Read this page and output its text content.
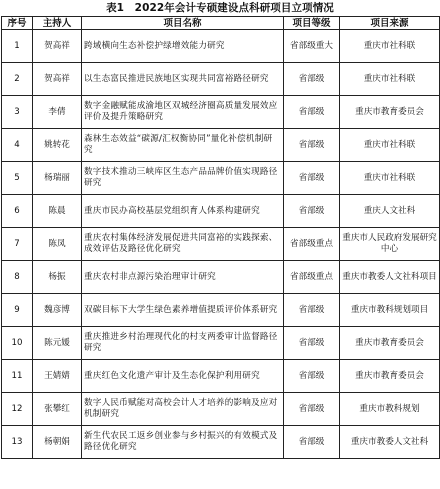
表1　2022年会计专硕建设点科研项目立项情况
序号	主持人	项目名称	项目等级	项目来源
1	贺高祥	跨域横向生态补偿护绿增效能力研究	省部级重大	重庆市社科联
2	贺高祥	以生态富民推进民族地区实现共同富裕路径研究	省部级	重庆市社科联
3	李倩	数字金融赋能成渝地区双城经济圈高质量发展效应评价及提升策略研究	省部级	重庆市教育委员会
4	姚转花	森林生态效益“碳源/汇权衡协同”量化补偿机制研究	省部级	重庆市社科联
5	杨瑞丽	数字技术推动三峡库区生态产品品牌价值实现路径研究	省部级	重庆市社科联
6	陈晨	重庆市民办高校基层党组织育人体系构建研究	省部级	重庆人文社科
7	陈凤	重庆农村集体经济发展促进共同富裕的实践探索、成效评估及路径优化研究	省部级重点	重庆市人民政府发展研究中心
8	杨振	重庆农村非点源污染治理审计研究	省部级重点	重庆市教委人文社科项目
9	魏彦博	双碳目标下大学生绿色素养增值提质评价体系研究	省部级	重庆市教科规划项目
10	陈元媛	重庆推进乡村治理现代化的村支两委审计监督路径研究	省部级	重庆市教育委员会
11	王婧婧	重庆红色文化遗产审计及生态化保护利用研究	省部级	重庆市教育委员会
12	张攀红	数字人民币赋能对高校会计人才培养的影响及应对机制研究	省部级	重庆市教科规划
13	杨朝娟	新生代农民工返乡创业参与乡村振兴的有效模式及路径优化研究	省部级	重庆市教委人文社科
